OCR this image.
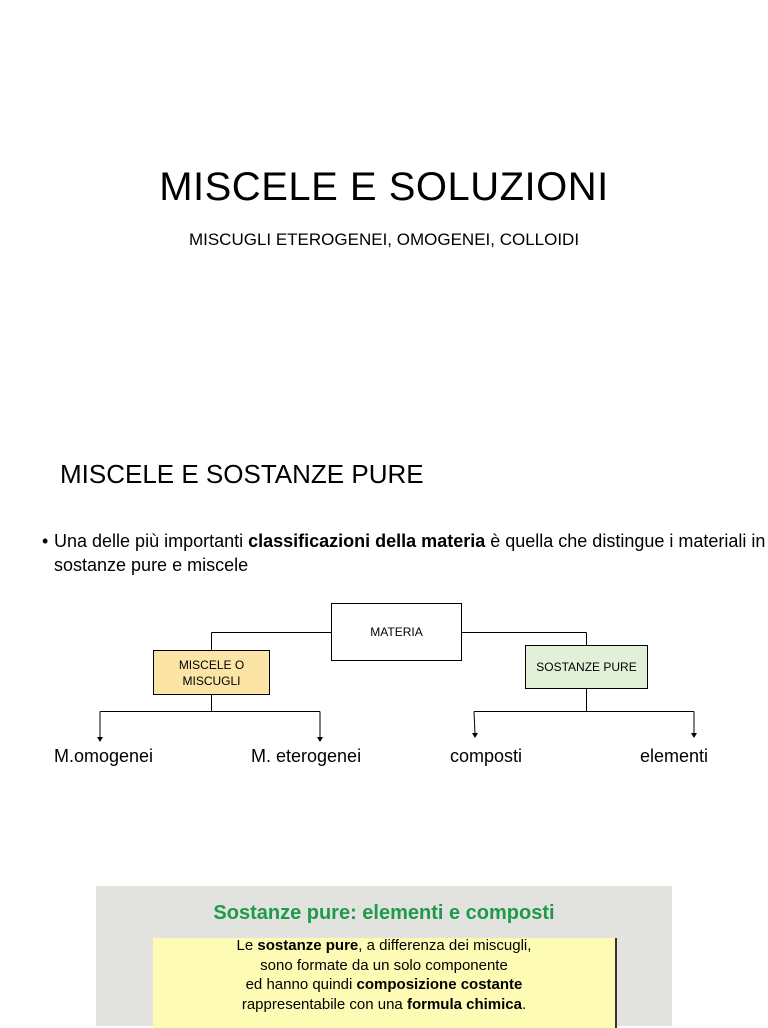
MISCELE E SOLUZIONI
MISCUGLI ETEROGENEI, OMOGENEI, COLLOIDI
MISCELE E SOSTANZE PURE
• Una delle più importanti classificazioni della materia è quella che distingue i materiali in sostanze pure e miscele
MATERIA
MISCELE O
MISCUGLI
SOSTANZE PURE
M.omogenei	M. eterogenei	composti	elementi
Sostanze pure: elementi e composti
Le sostanze pure, a differenza dei miscugli,
sono formate da un solo componente
ed hanno quindi composizione costante
rappresentabile con una formula chimica.
